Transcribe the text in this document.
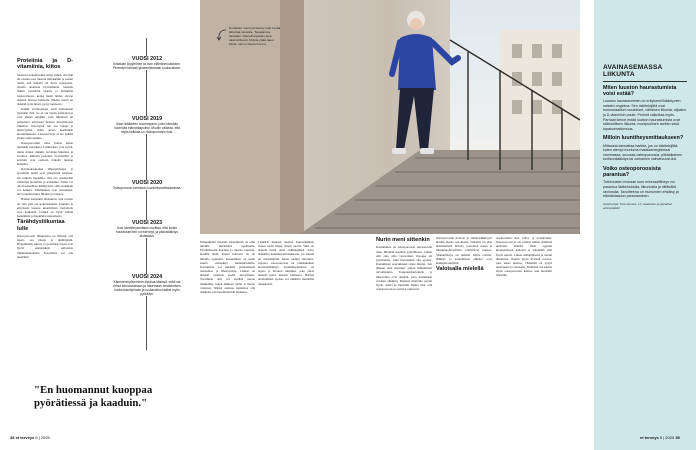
Proteiinia ja D-vitamiinia, kiitos

Seuraava kokeiluvaihe liittyi siihen, että hän oli ottanut osaa luuston mittauksiin ja saanut tietää, että hänellä oli lievä osteopenia. Aloitin ottamaan D-vitamiinia. Samalla lisäsin proteiinin saantia ja kalsiumia ruokavaliossa, koska tiesin niiden olevan tärkeitä luuston kunnolle. Niiden saanti on tärkeää, jotta luusto pysyy kunnossa.

Kaikki ravintoaineet eivät kuitenkaan yksinään riitä. Se ei ole täysin kannattavaa vain yhteen tekijään, vaan liikunnan on pohjattava erityisesti luustoa kuormittavaa liikuntaa. Kävelyssä luu saa iskuja ja jäntevyyden, mikä auttaa kestämään kuormituksesta. Luustoterveys ei ole pelkkä yhden asian summa.

Osteoporoosiin tulee hoitaa kuten muitakin sairauksia. Lääkitykset ovat hyviä, mutta niiden rinnalle tarvitaan liikuntaa ja ravintoa. Riittävä proteiini, D-vitamiini ja kalsium ovat osaltaan tärkeitä luuston kannalta.

Ravintokeskeinen lähestymistapa ja proteiinin saanti ovat yhteydessä toisiinsa. On tärkeää huolehtia, että saa syödessään riittävästi proteiinia ja kalsiumia. Tämä voi olla haasteellista ikääntyessä, sillä ruokahalu voi heiketä. Tutkimukset ovat osoittaneet, että proteiini tukee lihaksia ja luustoa.

Haluan kuitenkin muistuttaa, että ravinto on vain yksi osa kokonaisuutta. Liikunta ja erityisesti luustoa kuormittava harjoittelu ovat keskeisiä. Lisäksi on hyvä välttää kaatumisia ja huolehtia tasapainosta.

Tärähdysliikuntaa lulle

Osteoporoosin liikunnassa on tärkeää, että luusto saa iskuja ja tärähdyksiä. Hyppiminen, kävely ja portaiden nousu ovat hyviä esimerkkejä sellaisista liikuntamuodoista. Kuormitus voi olla pientäkin.

VUOSI 2012
Keliakian löytyminen toi ison elämänmuutoksen. Perehdyn tarkasti gluteenittomaan ruokavalioon.
VUOSI 2019
Saan ikiliikkeen nuorempana, joten kiinnitän huomiota elämäntapoihin. Muutin valkeaa, että myös kelkkaa on osteoporoosin riski.
VUOSI 2020
Osteoporoosi varmistuu luuntiheysmittauksessa.
VUOSI 2023
Uusi luuntiheysmittaus osoittaa, että luiden haurastuminen on edennyt, ja pistoslääkitys aloitetaan.
VUOSI 2024
Kämmenmyöhemmin kipuilua käsissä, mikä sai minut kiinnostumaan ja hakemaan omatoimisen kuntoutusohjelman ja ruokavalion lisäksi myös pyöräilyn.
Portaiden nousu ja kävely ovat hyvää liikuntaa luustolle. Tasapainoa tarvitaan. Nousuharjoittelu aina säännöllisesti. Muista pitää tauot lukua, sanoo Saara Ikonen.

Esimerkkinä itsestäni: kaatuminen on ollut minulle merkittävä tapahtuma. Pyöräillessäni kaaduin ja mursin ranteeni. Kesällä 2020, mietin hoitoani. Se oli minulle oppitunti. Kaatuminen on usein suurin riskitekijä luunmurtumille. Kaatumisia voi ehkäistä parantamalla tasapainoa ja lihasvoimaa. Lisäksi on tärkeää tarkistaa kodin turvallisuus. Tavallinen arki voi sisältää monia riskikohtia, kuten liukkaat lattiat ja huono valaistus. Näissä asioissa kannattaa olla tarkkana, jotta kaatumisriski pienenee.

Lääkärin mukaan luuston haurastuminen etenee usein hiljaa, ilman oireita. Siksi on tärkeää tietää omat riskitekijänsä. Kysy lääkäriltä luuntiheysmittauksesta, jos sinulla on riskitekijöitä, kuten aiempi murtuma, suvussa osteoporoosia tai pitkäaikainen kortisonilääkitys. Luuntiheysmittaus on nopea ja kivuton tutkimus, joka antaa tärkeää tietoa luuston kunnosta. Hoidon aloittaminen ajoissa voi ehkäistä murtumia tehokkaasti.

"En huomannut kuoppaa pyörätiessä ja kaaduin."
Nurin meni sittenkin

Kaatuminen on osteoporoosia sairastavalle riski. Minäkin kaaduin pyöräillessä, vaikka olin aina ollut varovainen. Kuoppa oli pyörätiessä, enkä huomannut sitä ajoissa. Kaatumisen seurauksena ranne murtui. Sen jälkeen olen miettinyt paljon liikkumisen turvallisuutta. Tasapainoharjoittelu ja lihasvoima ovat tärkeitä, jotta kaatumisia voidaan ehkäistä. Ranteen murtuma parani hyvin, mutta se muistutti minua siitä, että osteoporoosi on otettava vakavasti.

Osteoporoosin hoitoon ja ennaltaehkäisyyn kuuluu monta osa-aluetta. Liikunta on yksi tärkeimmistä. Kävely, portaiden nousu ja lihaskuntoharjoittelu vahvistavat luustoa. Säännöllisyys on tärkeää. Myös ravinto, lääkitys ja kaatumisten ehkäisy ovat keskeisiä tekijöitä.

Valoisalla mielellä

Asenteellani olen vahva ja positiivinen. Osteoporoosi ei ole estänyt minua elämästä aktiivista elämää. Olen oppinut kuuntelemaan kehoani ja tekemään sille hyviä asioita. Liikun säännöllisesti ja nautin ulkoilusta. Nautin myös hyvästä ruoasta, joka tukee luustoa. Tärkeintä on pysyä aktiivisena ja valoisana. Elämästä voi nauttia myös osteoporoosin kanssa, kun huolehtii itsestään.

AVAINASEMASSA LIIKUNTA
Miten luuston haurastumista voisi estää?
Luuston haurastuminen on erityisesti ikääntyvien naisten ongelma. Sen riskitekijöitä ovat hormonaaliset muutokset, vähäinen liikunta, alipaino ja D-vitamiinin puute. Perimä vaikuttaa myös. Parhaat keinot estää luuston haurastumista ovat säännöllinen liikunta, monipuolinen ravinto sekä tupakoimattomuus.
Milloin luuntiheysmittaukseen?
Mittausta kannattaa harkita, jos on riskitekijöitä, kuten aiempi murtuma matalaenergisessä vammassa, suvussa osteoporoosia, pitkäaikainen kortisonilääkitys tai varhainen vaihdevuosi-ikä.
Voiko osteoporoosista parantua?
Tutkimusten mukaan luun mineraalitiheys voi parantua lääkehoidolla, liikunnalla ja riittävällä ravinnolla. Tavoitteena on murtumien ehkäisy ja elämänlaadun parantaminen.
Asiantuntija: Tiina Huusko, LT, sisätautien ja geriatrian erikoislääkäri
38 et terveys 6 | 2025	et terveys 6 | 2025 39
